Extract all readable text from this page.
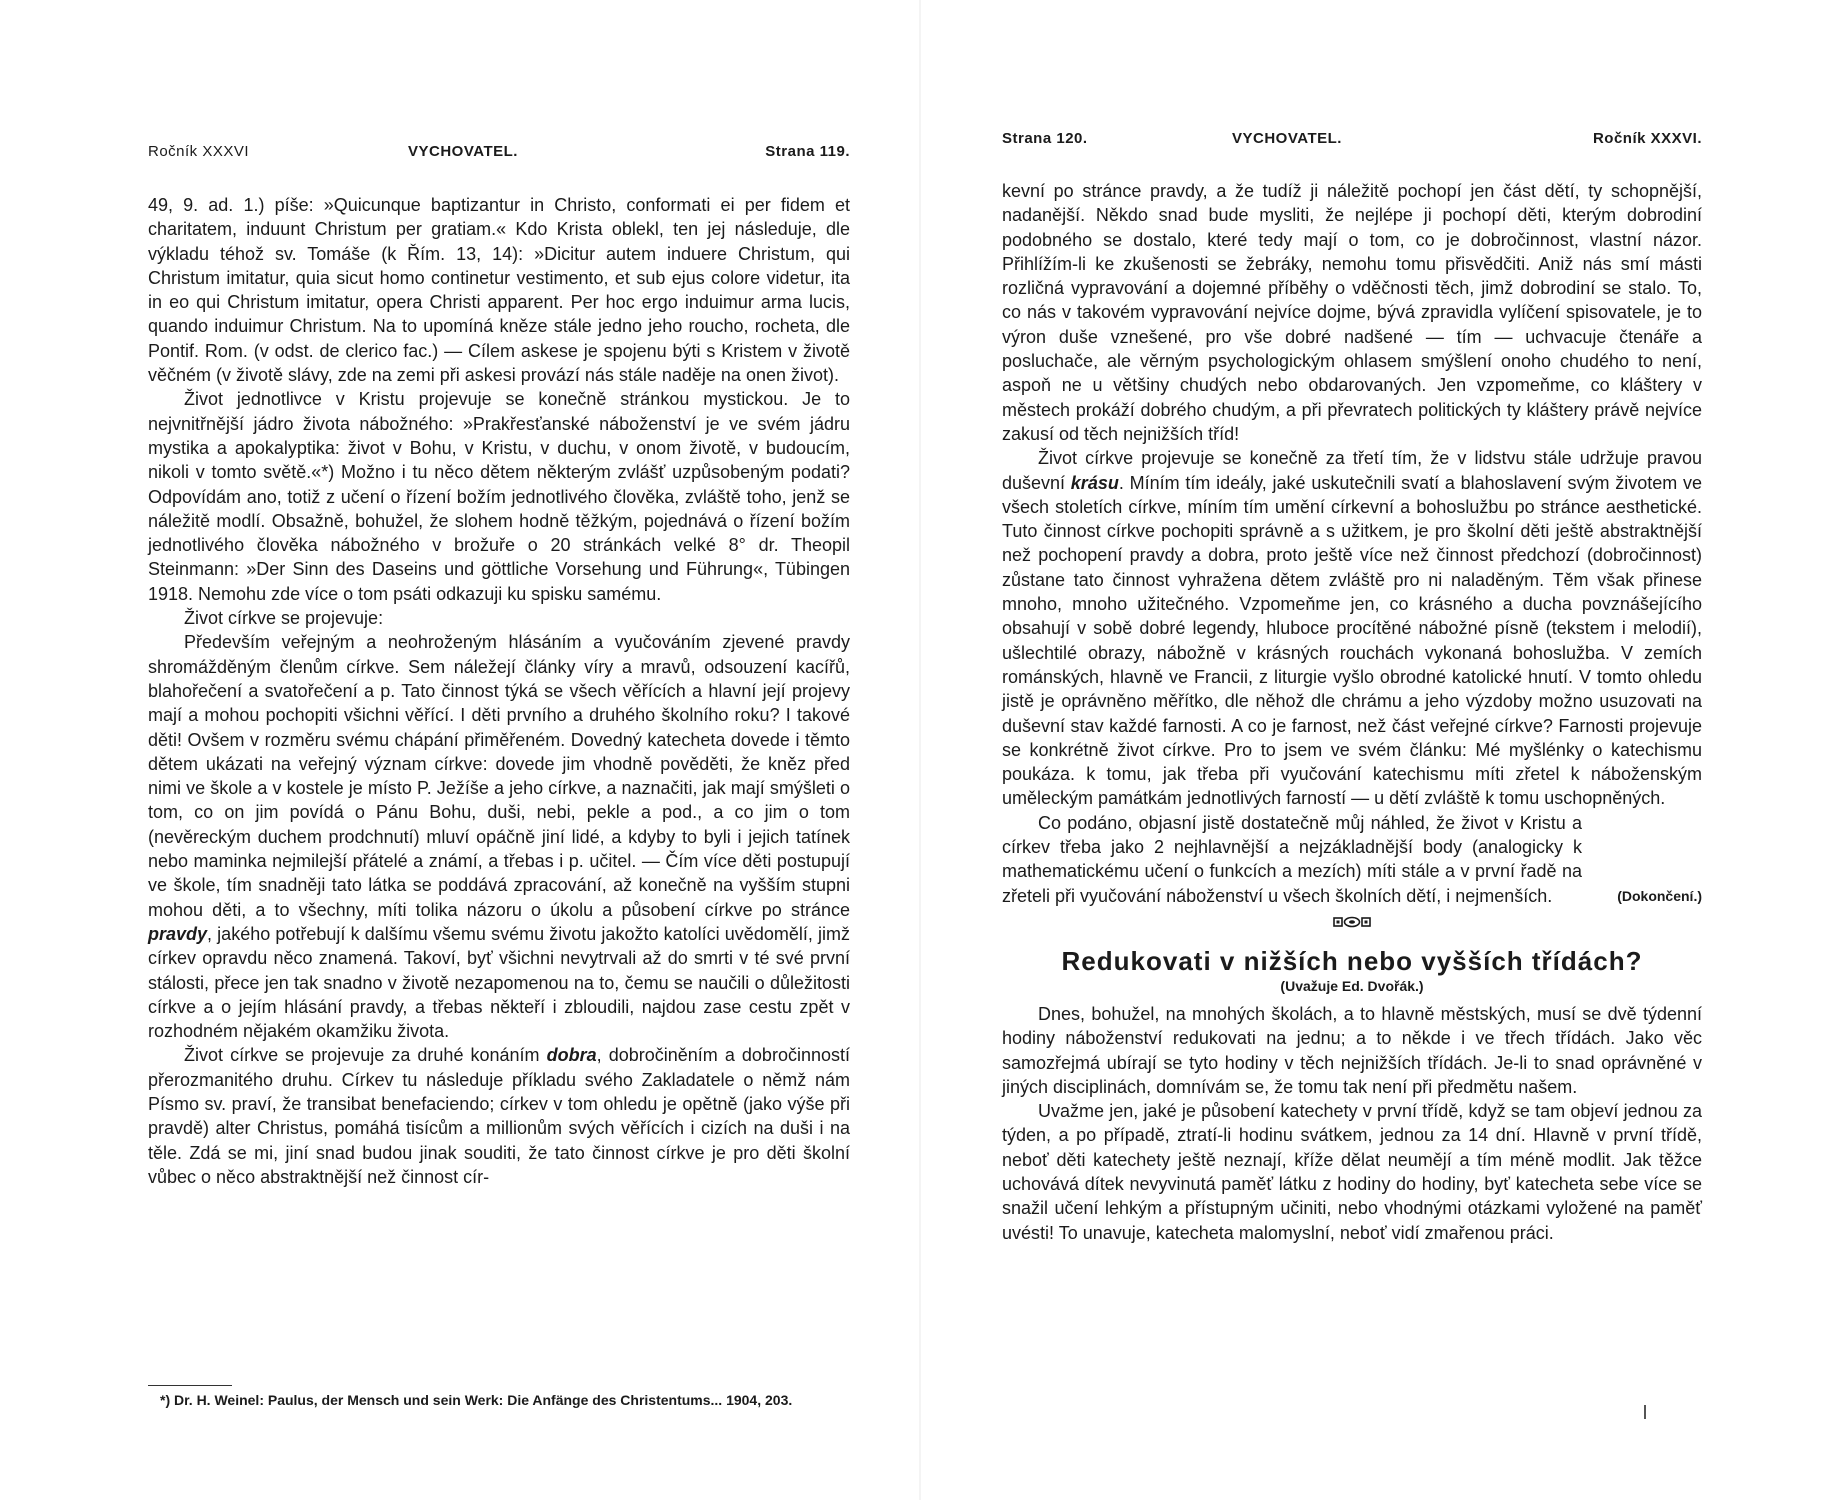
Ročník XXXVI	VYCHOVATEL.	Strana 119.

49, 9. ad. 1.) píše: »Quicunque baptizantur in Christo, conformati ei per fidem et charitatem, induunt Christum per gratiam.« Kdo Krista oblekl, ten jej následuje, dle výkladu téhož sv. Tomáše (k Řím. 13, 14): »Dicitur autem induere Christum, qui Christum imitatur, quia sicut homo continetur vestimento, et sub ejus colore videtur, ita in eo qui Christum imitatur, opera Christi apparent. Per hoc ergo induimur arma lucis, quando induimur Christum. Na to upomíná kněze stále jedno jeho roucho, rocheta, dle Pontif. Rom. (v odst. de clerico fac.) — Cílem askese je spojenu býti s Kristem v životě věčném (v životě slávy, zde na zemi při askesi provází nás stále naděje na onen život).

Život jednotlivce v Kristu projevuje se konečně stránkou mystickou. Je to nejvnitřnější jádro života nábožného: »Prakřesťanské náboženství je ve svém jádru mystika a apokalyptika: život v Bohu, v Kristu, v duchu, v onom životě, v budoucím, nikoli v tomto světě.«*) Možno i tu něco dětem některým zvlášť uzpůsobeným podati? Odpovídám ano, totiž z učení o řízení božím jednotlivého člověka, zvláště toho, jenž se náležitě modlí. Obsažně, bohužel, že slohem hodně těžkým, pojednává o řízení božím jednotlivého člověka nábožného v brožuře o 20 stránkách velké 8° dr. Theopil Steinmann: »Der Sinn des Daseins und göttliche Vorsehung und Führung«, Tübingen 1918. Nemohu zde více o tom psáti odkazuji ku spisku samému.

Život církve se projevuje:

Především veřejným a neohroženým hlásáním a vyučováním zjevené pravdy shromážděným členům církve. Sem náležejí články víry a mravů, odsouzení kacířů, blahořečení a svatořečení a p. Tato činnost týká se všech věřících a hlavní její projevy mají a mohou pochopiti všichni věřící. I děti prvního a druhého školního roku? I takové děti! Ovšem v rozměru svému chápání přiměřeném. Dovedný katecheta dovede i těmto dětem ukázati na veřejný význam církve: dovede jim vhodně pověděti, že kněz před nimi ve škole a v kostele je místo P. Ježíše a jeho církve, a naznačiti, jak mají smýšleti o tom, co on jim povídá o Pánu Bohu, duši, nebi, pekle a pod., a co jim o tom (nevěreckým duchem prodchnutí) mluví opáčně jiní lidé, a kdyby to byli i jejich tatínek nebo maminka nejmilejší přátelé a známí, a třebas i p. učitel. — Čím více děti postupují ve škole, tím snadněji tato látka se poddává zpracování, až konečně na vyšším stupni mohou děti, a to všechny, míti tolika názoru o úkolu a působení církve po stránce pravdy, jakého potřebují k dalšímu všemu svému životu jakožto katolíci uvědomělí, jimž církev opravdu něco znamená. Takoví, byť všichni nevytrvali až do smrti v té své první stálosti, přece jen tak snadno v životě nezapomenou na to, čemu se naučili o důležitosti církve a o jejím hlásání pravdy, a třebas někteří i zbloudili, najdou zase cestu zpět v rozhodném nějakém okamžiku života.

Život církve se projevuje za druhé konáním dobra, dobročiněním a dobročinností přerozmanitého druhu. Církev tu následuje příkladu svého Zakladatele o němž nám Písmo sv. praví, že transibat benefaciendo; církev v tom ohledu je opětně (jako výše při pravdě) alter Christus, pomáhá tisícům a millionům svých věřících i cizích na duši i na těle. Zdá se mi, jiní snad budou jinak souditi, že tato činnost církve je pro děti školní vůbec o něco abstraktnější než činnost cír-

*) Dr. H. Weinel: Paulus, der Mensch und sein Werk: Die Anfänge des Christentums... 1904, 203.
Strana 120.	VYCHOVATEL.	Ročník XXXVI.

kevní po stránce pravdy, a že tudíž ji náležitě pochopí jen část dětí, ty schopnější, nadanější. Někdo snad bude mysliti, že nejlépe ji pochopí děti, kterým dobrodiní podobného se dostalo, které tedy mají o tom, co je dobročinnost, vlastní názor. Přihlížím-li ke zkušenosti se žebráky, nemohu tomu přisvědčiti. Aniž nás smí másti rozličná vypravování a dojemné příběhy o vděčnosti těch, jimž dobrodiní se stalo. To, co nás v takovém vypravování nejvíce dojme, bývá zpravidla vylíčení spisovatele, je to výron duše vznešené, pro vše dobré nadšené — tím — uchvacuje čtenáře a posluchače, ale věrným psychologickým ohlasem smýšlení onoho chudého to není, aspoň ne u většiny chudých nebo obdarovaných. Jen vzpomeňme, co kláštery v městech prokáží dobrého chudým, a při převratech politických ty kláštery právě nejvíce zakusí od těch nejnižších tříd!

Život církve projevuje se konečně za třetí tím, že v lidstvu stále udržuje pravou duševní krásu. Míním tím ideály, jaké uskutečnili svatí a blahoslavení svým životem ve všech stoletích církve, míním tím umění církevní a bohoslužbu po stránce aesthetické. Tuto činnost církve pochopiti správně a s užitkem, je pro školní děti ještě abstraktnější než pochopení pravdy a dobra, proto ještě více než činnost předchozí (dobročinnost) zůstane tato činnost vyhražena dětem zvláště pro ni naladěným. Těm však přinese mnoho, mnoho užitečného. Vzpomeňme jen, co krásného a ducha povznášejícího obsahují v sobě dobré legendy, hluboce procítěné nábožné písně (tekstem i melodií), ušlechtilé obrazy, nábožně v krásných rouchách vykonaná bohoslužba. V zemích románských, hlavně ve Francii, z liturgie vyšlo obrodné katolické hnutí. V tomto ohledu jistě je oprávněno měřítko, dle něhož dle chrámu a jeho výzdoby možno usuzovati na duševní stav každé farnosti. A co je farnost, než část veřejné církve? Farnosti projevuje se konkrétně život církve. Pro to jsem ve svém článku: Mé myšlénky o katechismu poukáza. k tomu, jak třeba při vyučování katechismu míti zřetel k náboženským uměleckým památkám jednotlivých farností — u dětí zvláště k tomu uschopněných.

Co podáno, objasní jistě dostatečně můj náhled, že život v Kristu a církev třeba jako 2 nejhlavnější a nejzákladnější body (analogicky k mathematickému učení o funkcích a mezích) míti stále a v první řadě na zřeteli při vyučování náboženství u všech školních dětí, i nejmenších.	(Dokončení.)
Redukovati v nižších nebo vyšších třídách?
(Uvažuje Ed. Dvořák.)

Dnes, bohužel, na mnohých školách, a to hlavně městských, musí se dvě týdenní hodiny náboženství redukovati na jednu; a to někde i ve třech třídách. Jako věc samozřejmá ubírají se tyto hodiny v těch nejnižších třídách. Je-li to snad oprávněné v jiných disciplinách, domnívám se, že tomu tak není při předmětu našem.

Uvažme jen, jaké je působení katechety v první třídě, když se tam objeví jednou za týden, a po případě, ztratí-li hodinu svátkem, jednou za 14 dní. Hlavně v první třídě, neboť děti katechety ještě neznají, kříže dělat neumějí a tím méně modlit. Jak těžce uchovává dítek nevyvinutá paměť látku z hodiny do hodiny, byť katecheta sebe více se snažil učení lehkým a přístupným učiniti, nebo vhodnými otázkami vyložené na paměť uvésti! To unavuje, katecheta malomyslní, neboť vidí zmařenou práci.
